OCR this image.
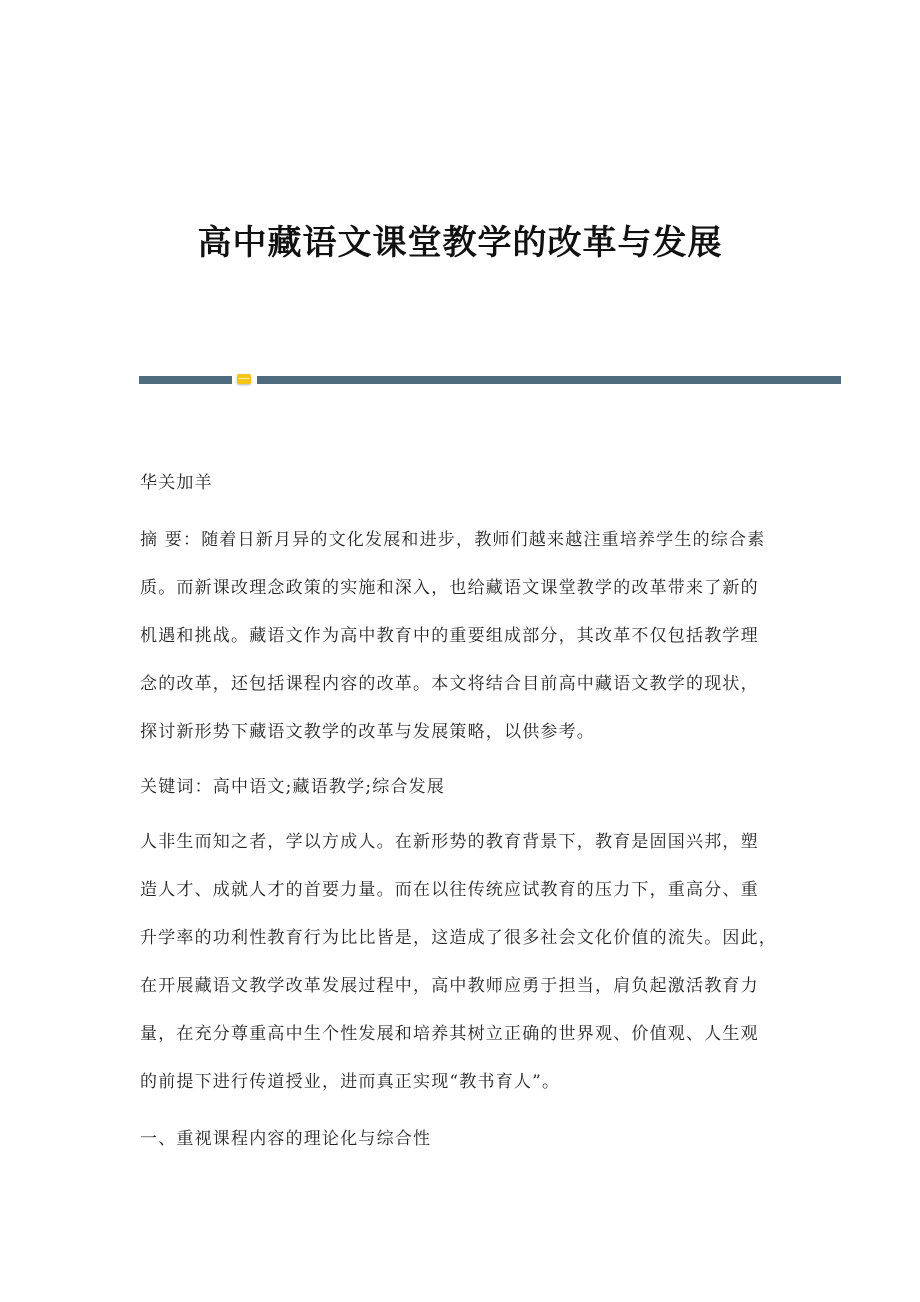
高中藏语文课堂教学的改革与发展
华关加羊
摘 要：随着日新月异的文化发展和进步，教师们越来越注重培养学生的综合素
质。而新课改理念政策的实施和深入，也给藏语文课堂教学的改革带来了新的
机遇和挑战。藏语文作为高中教育中的重要组成部分，其改革不仅包括教学理
念的改革，还包括课程内容的改革。本文将结合目前高中藏语文教学的现状，
探讨新形势下藏语文教学的改革与发展策略，以供参考。
关键词：高中语文;藏语教学;综合发展
人非生而知之者，学以方成人。在新形势的教育背景下，教育是固国兴邦，塑
造人才、成就人才的首要力量。而在以往传统应试教育的压力下，重高分、重
升学率的功利性教育行为比比皆是，这造成了很多社会文化价值的流失。因此，
在开展藏语文教学改革发展过程中，高中教师应勇于担当，肩负起激活教育力
量，在充分尊重高中生个性发展和培养其树立正确的世界观、价值观、人生观
的前提下进行传道授业，进而真正实现“教书育人”。
一、重视课程内容的理论化与综合性
